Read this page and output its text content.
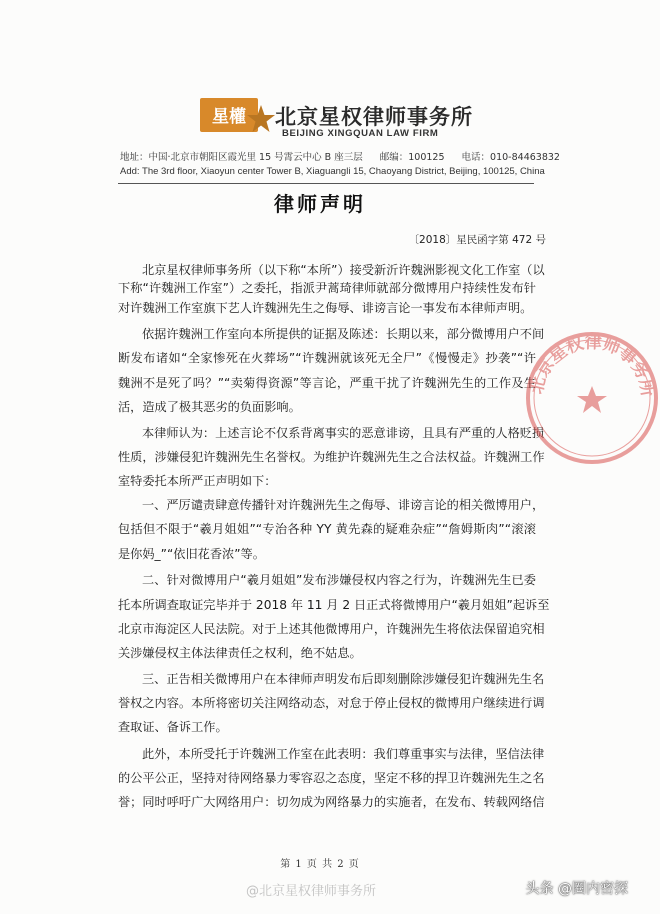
星權 北京星权律师事务所
BEIJING XINGQUAN LAW FIRM
地址：中国·北京市朝阳区霞光里 15 号霄云中心 B 座三层 邮编：100125 电话：010-84463832
Add: The 3rd floor, Xiaoyun center Tower B, Xiaguangli 15, Chaoyang District, Beijing, 100125, China
律师声明
〔2018〕星民函字第 472 号
北京星权律师事务所（以下称“本所”）接受新沂许魏洲影视文化工作室（以
下称“许魏洲工作室”）之委托，指派尹蒿琦律师就部分微博用户持续性发布针
对许魏洲工作室旗下艺人许魏洲先生之侮辱、诽谤言论一事发布本律师声明。
依据许魏洲工作室向本所提供的证据及陈述：长期以来，部分微博用户不间
断发布诸如“全家惨死在火葬场”“许魏洲就该死无全尸”《慢慢走》抄袭”“许
魏洲不是死了吗？”“卖菊得资源”等言论，严重干扰了许魏洲先生的工作及生
活，造成了极其恶劣的负面影响。
本律师认为：上述言论不仅系背离事实的恶意诽谤，且具有严重的人格贬损
性质，涉嫌侵犯许魏洲先生名誉权。为维护许魏洲先生之合法权益。许魏洲工作
室特委托本所严正声明如下：
一、严厉谴责肆意传播针对许魏洲先生之侮辱、诽谤言论的相关微博用户，
包括但不限于“羲月姐姐”“专治各种 YY 黄先森的疑难杂症”“詹姆斯肉”“滚滚
是你妈_”“依旧花香浓”等。
二、针对微博用户“羲月姐姐”发布涉嫌侵权内容之行为，许魏洲先生已委
托本所调查取证完毕并于 2018 年 11 月 2 日正式将微博用户“羲月姐姐”起诉至
北京市海淀区人民法院。对于上述其他微博用户，许魏洲先生将依法保留追究相
关涉嫌侵权主体法律责任之权利，绝不姑息。
三、正告相关微博用户在本律师声明发布后即刻删除涉嫌侵犯许魏洲先生名
誉权之内容。本所将密切关注网络动态，对怠于停止侵权的微博用户继续进行调
查取证、备诉工作。
此外，本所受托于许魏洲工作室在此表明：我们尊重事实与法律，坚信法律
的公平公正，坚持对待网络暴力零容忍之态度，坚定不移的捍卫许魏洲先生之名
誉；同时呼吁广大网络用户：切勿成为网络暴力的实施者，在发布、转载网络信
北京星权律师事务所
第 1 页 共 2 页
@北京星权律师事务所	头条 @圈内密探
